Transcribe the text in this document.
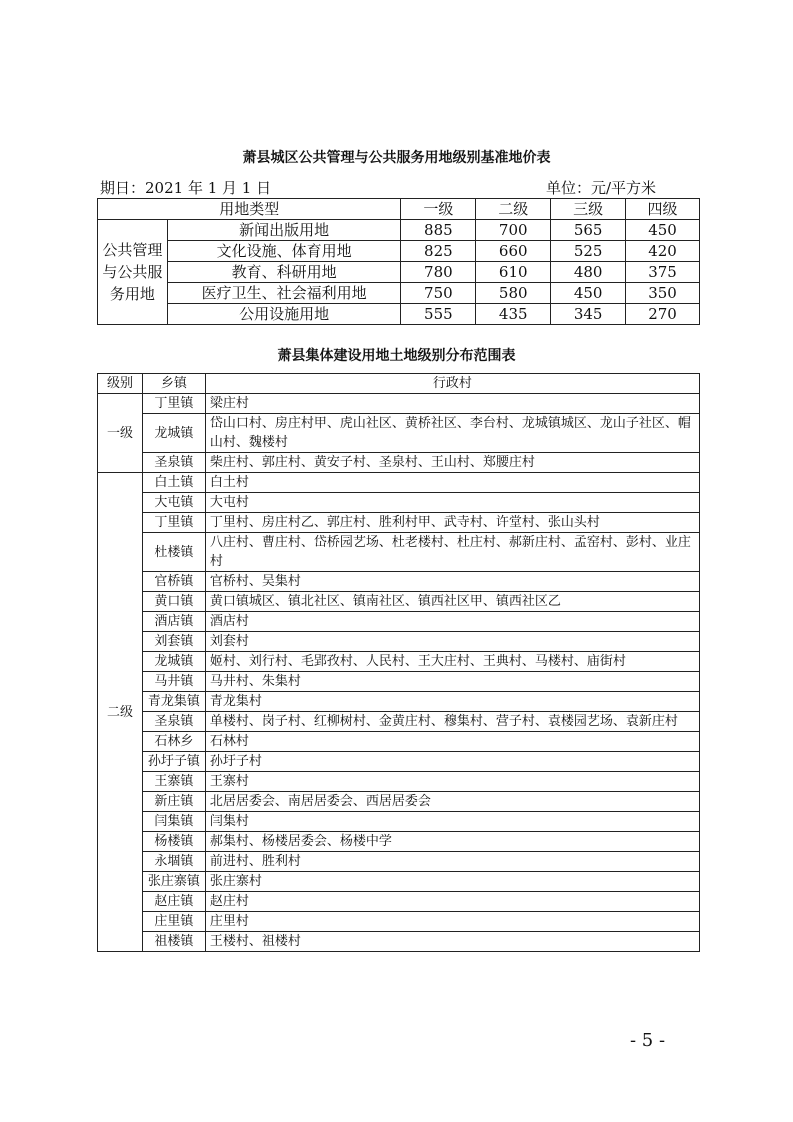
萧县城区公共管理与公共服务用地级别基准地价表
期日：2021 年 1 月 1 日	单位：元/平方米
用地类型		一级	二级	三级	四级
公共管理与公共服务用地	新闻出版用地	885	700	565	450
	文化设施、体育用地	825	660	525	420
	教育、科研用地	780	610	480	375
	医疗卫生、社会福利用地	750	580	450	350
	公用设施用地	555	435	345	270
萧县集体建设用地土地级别分布范围表
级别	乡镇	行政村
一级	丁里镇	梁庄村
	龙城镇	岱山口村、房庄村甲、虎山社区、黄桥社区、李台村、龙城镇城区、龙山子社区、帽山村、魏楼村
	圣泉镇	柴庄村、郭庄村、黄安子村、圣泉村、王山村、郑腰庄村
二级	白土镇	白土村
	大屯镇	大屯村
	丁里镇	丁里村、房庄村乙、郭庄村、胜利村甲、武寺村、许堂村、张山头村
	杜楼镇	八庄村、曹庄村、岱桥园艺场、杜老楼村、杜庄村、郝新庄村、孟窑村、彭村、业庄村
	官桥镇	官桥村、吴集村
	黄口镇	黄口镇城区、镇北社区、镇南社区、镇西社区甲、镇西社区乙
	酒店镇	酒店村
	刘套镇	刘套村
	龙城镇	姬村、刘行村、毛郢孜村、人民村、王大庄村、王典村、马楼村、庙街村
	马井镇	马井村、朱集村
	青龙集镇	青龙集村
	圣泉镇	单楼村、岗子村、红柳树村、金黄庄村、穆集村、营子村、袁楼园艺场、袁新庄村
	石林乡	石林村
	孙圩子镇	孙圩子村
	王寨镇	王寨村
	新庄镇	北居居委会、南居居委会、西居居委会
	闫集镇	闫集村
	杨楼镇	郝集村、杨楼居委会、杨楼中学
	永堌镇	前进村、胜利村
	张庄寨镇	张庄寨村
	赵庄镇	赵庄村
	庄里镇	庄里村
	祖楼镇	王楼村、祖楼村
- 5 -
